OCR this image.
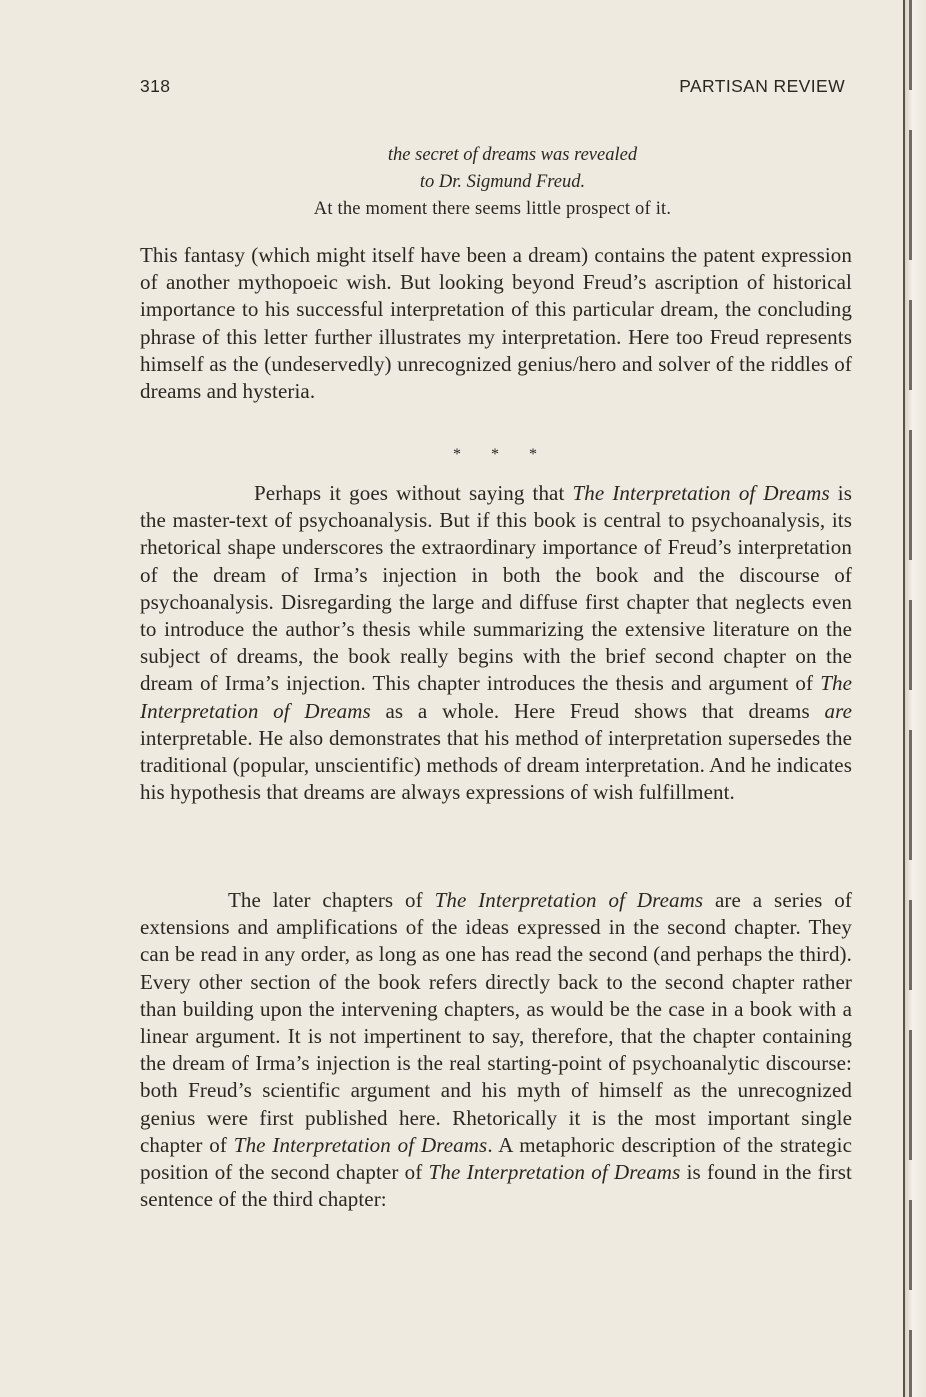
318	PARTISAN REVIEW
the secret of dreams was revealed
to Dr. Sigmund Freud.
At the moment there seems little prospect of it.

This fantasy (which might itself have been a dream) contains the patent expression of another mythopoeic wish. But looking beyond Freud’s ascription of historical importance to his successful interpretation of this particular dream, the concluding phrase of this letter further illustrates my interpretation. Here too Freud represents himself as the (undeservedly) unrecognized genius/hero and solver of the riddles of dreams and hysteria.

* * *

Perhaps it goes without saying that The Interpretation of Dreams is the master-text of psychoanalysis. But if this book is central to psychoanalysis, its rhetorical shape underscores the extraordinary importance of Freud’s interpretation of the dream of Irma’s injection in both the book and the discourse of psychoanalysis. Disregarding the large and diffuse first chapter that neglects even to introduce the author’s thesis while summarizing the extensive literature on the subject of dreams, the book really begins with the brief second chapter on the dream of Irma’s injection. This chapter introduces the thesis and argument of The Interpretation of Dreams as a whole. Here Freud shows that dreams are interpretable. He also demonstrates that his method of interpretation supersedes the traditional (popular, unscientific) methods of dream interpretation. And he indicates his hypothesis that dreams are always expressions of wish fulfillment.

The later chapters of The Interpretation of Dreams are a series of extensions and amplifications of the ideas expressed in the second chapter. They can be read in any order, as long as one has read the second (and perhaps the third). Every other section of the book refers directly back to the second chapter rather than building upon the intervening chapters, as would be the case in a book with a linear argument. It is not impertinent to say, therefore, that the chapter containing the dream of Irma’s injection is the real starting-point of psychoanalytic discourse: both Freud’s scientific argument and his myth of himself as the unrecognized genius were first published here. Rhetorically it is the most important single chapter of The Interpretation of Dreams. A metaphoric description of the strategic position of the second chapter of The Interpretation of Dreams is found in the first sentence of the third chapter:
